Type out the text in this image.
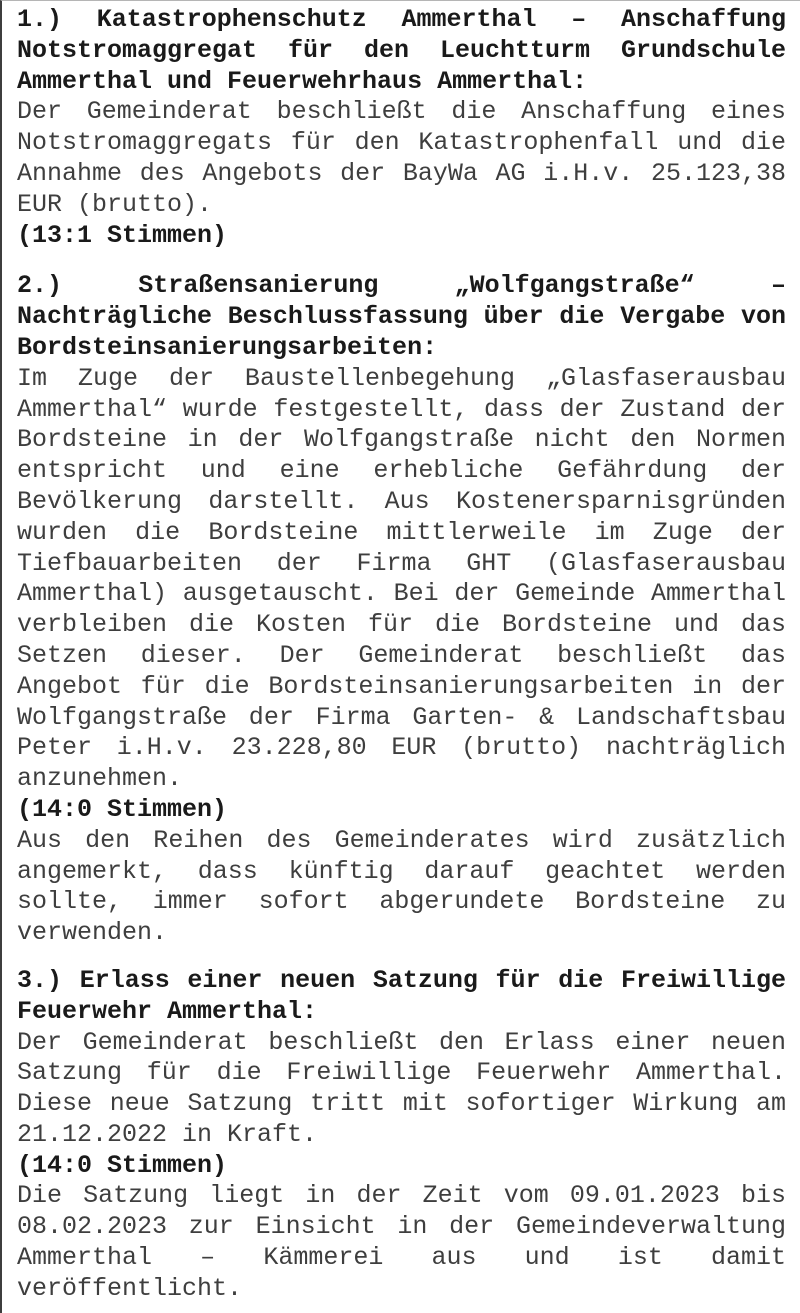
1.) Katastrophenschutz Ammerthal – Anschaffung Notstromaggregat für den Leuchtturm Grundschule Ammerthal und Feuerwehrhaus Ammerthal:
Der Gemeinderat beschließt die Anschaffung eines Notstromaggregats für den Katastrophenfall und die Annahme des Angebots der BayWa AG i.H.v. 25.123,38 EUR (brutto).
(13:1 Stimmen)
2.) Straßensanierung „Wolfgangstraße“ – Nachträgliche Beschlussfassung über die Vergabe von Bordsteinsanierungsarbeiten:
Im Zuge der Baustellenbegehung „Glasfaserausbau Ammerthal“ wurde festgestellt, dass der Zustand der Bordsteine in der Wolfgangstraße nicht den Normen entspricht und eine erhebliche Gefährdung der Bevölkerung darstellt. Aus Kostenersparnisgründen wurden die Bordsteine mittlerweile im Zuge der Tiefbauarbeiten der Firma GHT (Glasfaserausbau Ammerthal) ausgetauscht. Bei der Gemeinde Ammerthal verbleiben die Kosten für die Bordsteine und das Setzen dieser. Der Gemeinderat beschließt das Angebot für die Bordsteinsanierungsarbeiten in der Wolfgangstraße der Firma Garten- & Landschaftsbau Peter i.H.v. 23.228,80 EUR (brutto) nachträglich anzunehmen.
(14:0 Stimmen)
Aus den Reihen des Gemeinderates wird zusätzlich angemerkt, dass künftig darauf geachtet werden sollte, immer sofort abgerundete Bordsteine zu verwenden.
3.) Erlass einer neuen Satzung für die Freiwillige Feuerwehr Ammerthal:
Der Gemeinderat beschließt den Erlass einer neuen Satzung für die Freiwillige Feuerwehr Ammerthal. Diese neue Satzung tritt mit sofortiger Wirkung am 21.12.2022 in Kraft.
(14:0 Stimmen)
Die Satzung liegt in der Zeit vom 09.01.2023 bis 08.02.2023 zur Einsicht in der Gemeindeverwaltung Ammerthal – Kämmerei aus und ist damit veröffentlicht.
